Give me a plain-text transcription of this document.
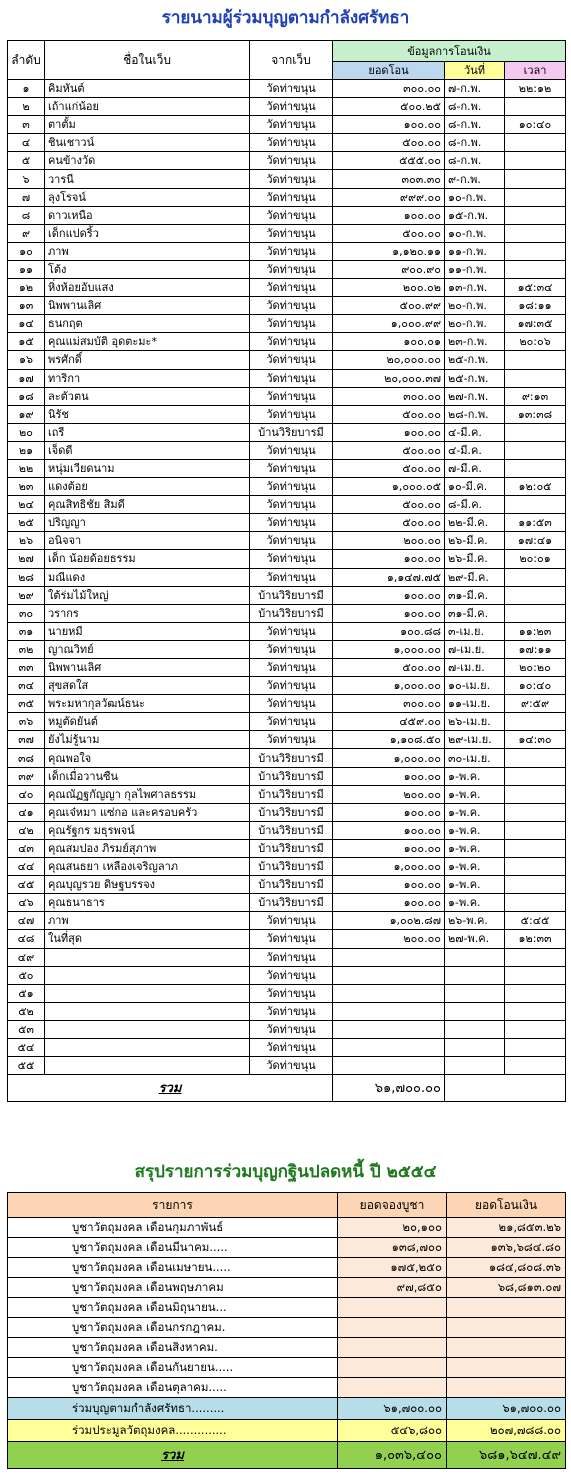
รายนามผู้ร่วมบุญตามกำลังศรัทธา
ลำดับ	ชื่อในเว็บ	จากเว็บ	ข้อมูลการโอนเงิน		
			ยอดโอน	วันที่	เวลา
๑	คิมหันต์	วัดท่าขนุน	๓๐๐.๐๐	๗-ก.พ.	๒๒:๑๒
๒	เถ้าแก่น้อย	วัดท่าขนุน	๕๐๐.๒๕	๘-ก.พ.	
๓	ตาตั้ม	วัดท่าขนุน	๑๐๐.๐๐	๘-ก.พ.	๑๐:๔๐
๔	ชินเชาวน์	วัดท่าขนุน	๕๐๐.๐๐	๘-ก.พ.	
๕	คนข้างวัด	วัดท่าขนุน	๕๕๕.๐๐	๘-ก.พ.	
๖	วารนี	วัดท่าขนุน	๓๐๓.๓๐	๙-ก.พ.	
๗	ลุงโรจน์	วัดท่าขนุน	๙๙๙.๐๐	๑๐-ก.พ.	
๘	ดาวเหนือ	วัดท่าขนุน	๑๐๐.๐๐	๑๕-ก.พ.	
๙	เด็กแปดริ้ว	วัดท่าขนุน	๕๐๐.๐๐	๑๐-ก.พ.	
๑๐	ภาพ	วัดท่าขนุน	๑,๑๒๐.๑๑	๑๑-ก.พ.	
๑๑	โต้ง	วัดท่าขนุน	๙๐๐.๙๐	๑๑-ก.พ.	
๑๒	หิ่งห้อยอับแสง	วัดท่าขนุน	๒๐๐.๐๒	๑๓-ก.พ.	๑๕:๓๔
๑๓	นิพพานเลิศ	วัดท่าขนุน	๕๐๐.๙๙	๒๐-ก.พ.	๑๘:๑๑
๑๔	ธนกฤต	วัดท่าขนุน	๑,๐๐๐.๙๙	๒๐-ก.พ.	๑๗:๓๕
๑๕	คุณแม่สมบัติ อุดตะมะ*	วัดท่าขนุน	๑๐๐.๐๑	๒๓-ก.พ.	๒๐:๐๖
๑๖	พรศักดิ์	วัดท่าขนุน	๒๐,๐๐๐.๐๐	๒๕-ก.พ.	
๑๗	ทาริกา	วัดท่าขนุน	๒๐,๐๐๐.๓๗	๒๕-ก.พ.	
๑๘	ละตัวตน	วัดท่าขนุน	๓๐๐.๐๐	๒๗-ก.พ.	๙:๑๓
๑๙	นิรัช	วัดท่าขนุน	๕๐๐.๐๐	๒๘-ก.พ.	๑๓:๓๘
๒๐	เถรี	บ้านวิริยบารมี	๑๐๐.๐๐	๔-มี.ค.	
๒๑	เจ็ดดี	วัดท่าขนุน	๕๐๐.๐๐	๔-มี.ค.	
๒๒	หนุ่มเวียดนาม	วัดท่าขนุน	๕๐๐.๐๐	๗-มี.ค.	
๒๓	แดงต้อย	วัดท่าขนุน	๑,๐๐๐.๐๕	๑๐-มี.ค.	๑๒:๐๕
๒๔	คุณสิทธิชัย สิมดี	วัดท่าขนุน	๕๐๐.๐๐	๘-มี.ค.	
๒๕	ปริญญา	วัดท่าขนุน	๕๐๐.๐๐	๒๒-มี.ค.	๑๑:๕๓
๒๖	อนิจจา	วัดท่าขนุน	๒๐๐.๐๐	๒๖-มี.ค.	๑๗:๔๑
๒๗	เด็ก น้อยด้อยธรรม	วัดท่าขนุน	๑๐๐.๐๐	๒๖-มี.ค.	๒๐:๐๑
๒๘	มณีแดง	วัดท่าขนุน	๑,๑๔๗.๗๕	๒๙-มี.ค.	
๒๙	ใต้ร่มไม้ใหญ่	บ้านวิริยบารมี	๑๐๐.๐๐	๓๑-มี.ค.	
๓๐	วรากร	บ้านวิริยบารมี	๑๐๐.๐๐	๓๑-มี.ค.	
๓๑	นายหมี	วัดท่าขนุน	๑๐๐.๘๘	๓-เม.ย.	๑๑:๒๓
๓๒	ญาณวิทย์	วัดท่าขนุน	๑,๐๐๐.๐๐	๗-เม.ย.	๑๗:๑๑
๓๓	นิพพานเลิศ	วัดท่าขนุน	๕๐๐.๐๐	๗-เม.ย.	๒๐:๒๐
๓๔	สุขสดใส	วัดท่าขนุน	๑,๐๐๐.๐๐	๑๐-เม.ย.	๑๐:๔๐
๓๕	พระมหากุลวัฒน์ธนะ	วัดท่าขนุน	๓๐๐.๐๐	๑๑-เม.ย.	๙:๕๙
๓๖	หมูตัดยันต์	วัดท่าขนุน	๔๕๙.๐๐	๒๖-เม.ย.	
๓๗	ยังไม่รู้นาม	วัดท่าขนุน	๑,๑๐๘.๕๐	๒๙-เม.ย.	๑๔:๓๐
๓๘	คุณพอใจ	บ้านวิริยบารมี	๑,๐๐๐.๐๐	๓๐-เม.ย.	
๓๙	เด็กเมื่อวานซืน	บ้านวิริยบารมี	๑๐๐.๐๐	๑-พ.ค.	
๔๐	คุณณัฏฐกัญญา กุลไพศาลธรรม	บ้านวิริยบารมี	๒๐๐.๐๐	๑-พ.ค.	
๔๑	คุณเจ๋หมา แซ่กอ และครอบครัว	บ้านวิริยบารมี	๑๐๐.๐๐	๑-พ.ค.	
๔๒	คุณรัฐกร มธุรพจน์	บ้านวิริยบารมี	๑๐๐.๐๐	๑-พ.ค.	
๔๓	คุณสมปอง ภิรมย์สุภาพ	บ้านวิริยบารมี	๑๐๐.๐๐	๑-พ.ค.	
๔๔	คุณสนธยา เหลืองเจริญลาภ	บ้านวิริยบารมี	๑,๐๐๐.๐๐	๑-พ.ค.	
๔๕	คุณบุญรวย ดิษฐบรรจง	บ้านวิริยบารมี	๑๐๐.๐๐	๑-พ.ค.	
๔๖	คุณธนาธาร	บ้านวิริยบารมี	๑๐๐.๐๐	๑-พ.ค.	
๔๗	ภาพ	วัดท่าขนุน	๑,๐๐๒.๘๗	๒๖-พ.ค.	๕:๔๕
๔๘	ในที่สุด	วัดท่าขนุน	๒๐๐.๐๐	๒๗-พ.ค.	๑๒:๓๓
๔๙		วัดท่าขนุน			
๕๐		วัดท่าขนุน			
๕๑		วัดท่าขนุน			
๕๒		วัดท่าขนุน			
๕๓		วัดท่าขนุน			
๕๔		วัดท่าขนุน			
๕๕		วัดท่าขนุน			
รวม			๖๑,๗๐๐.๐๐		
สรุปรายการร่วมบุญกฐินปลดหนี้ ปี ๒๕๕๔
รายการ	ยอดจองบูชา	ยอดโอนเงิน
บูชาวัตถุมงคล เดือนกุมภาพันธ์	๒๐,๑๐๐	๒๑,๘๕๓.๒๖
บูชาวัตถุมงคล เดือนมีนาคม.....	๑๓๘,๗๐๐	๑๓๖,๖๘๔.๘๐
บูชาวัตถุมงคล เดือนเมษายน.....	๑๗๕,๒๕๐	๑๘๔,๘๐๘.๓๖
บูชาวัตถุมงคล เดือนพฤษภาคม	๙๗,๘๕๐	๖๘,๘๑๓.๐๗
บูชาวัตถุมงคล เดือนมิถุนายน...		
บูชาวัตถุมงคล เดือนกรกฎาคม.		
บูชาวัตถุมงคล เดือนสิงหาคม.		
บูชาวัตถุมงคล เดือนกันยายน.....		
บูชาวัตถุมงคล เดือนตุลาคม.....		
ร่วมบุญตามกำลังศรัทธา.........	๖๑,๗๐๐.๐๐	๖๑,๗๐๐.๐๐
ร่วมประมูลวัตถุมงคล..............	๕๔๖,๘๐๐	๒๐๗,๗๘๘.๐๐
รวม	๑,๐๓๖,๔๐๐	๖๘๑,๖๔๗.๔๙
